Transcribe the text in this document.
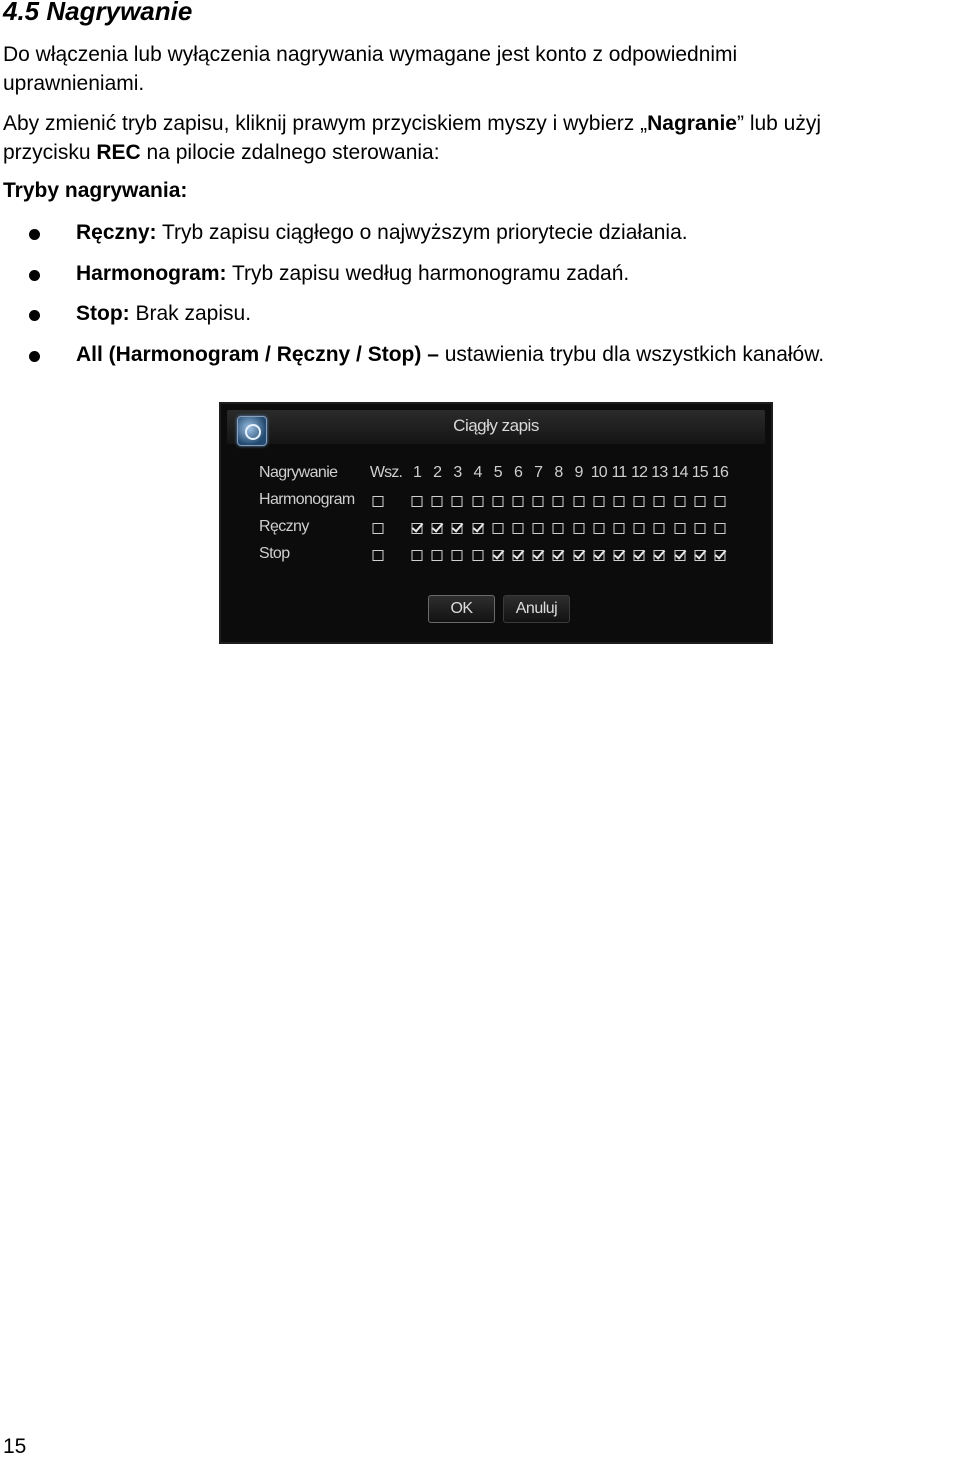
4.5 Nagrywanie
Do włączenia lub wyłączenia nagrywania wymagane jest konto z odpowiednimi
uprawnieniami.
Aby zmienić tryb zapisu, kliknij prawym przyciskiem myszy i wybierz „Nagranie” lub użyj
przycisku REC na pilocie zdalnego sterowania:
Tryby nagrywania:
Ręczny: Tryb zapisu ciągłego o najwyższym priorytecie działania.
Harmonogram: Tryb zapisu według harmonogramu zadań.
Stop: Brak zapisu.
All (Harmonogram / Ręczny / Stop) – ustawienia trybu dla wszystkich kanałów.
Ciągły zapis
Nagrywanie
Harmonogram
Ręczny
Stop
Wsz. 1 2 3 4 5 6 7 8 9 10 11 12 13 14 15 16
OK	Anuluj
15
